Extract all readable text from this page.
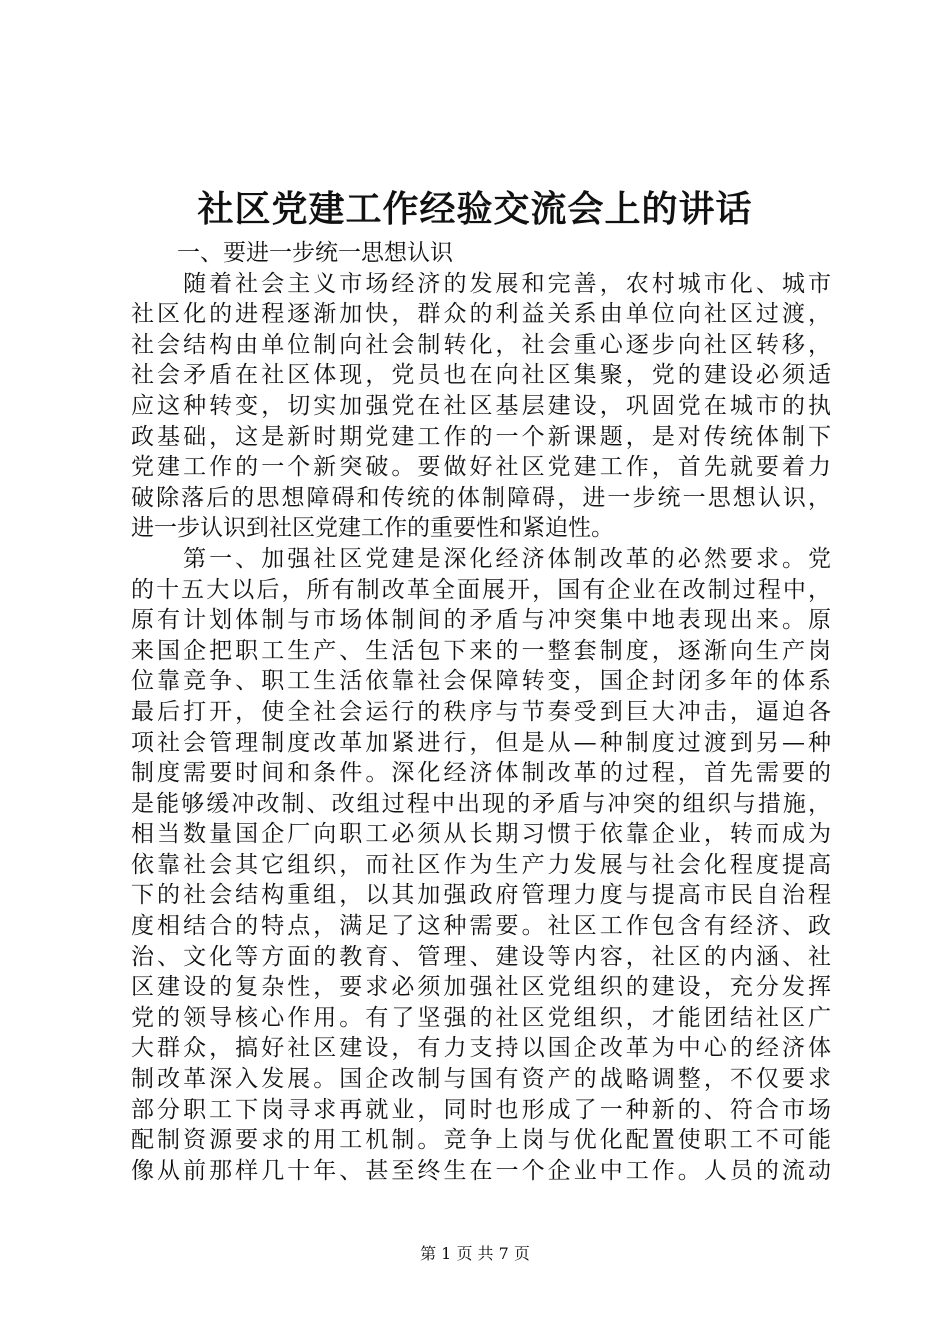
社区党建工作经验交流会上的讲话
　　一、要进一步统一思想认识
　　随着社会主义市场经济的发展和完善，农村城市化、城市
社区化的进程逐渐加快，群众的利益关系由单位向社区过渡，
社会结构由单位制向社会制转化，社会重心逐步向社区转移，
社会矛盾在社区体现，党员也在向社区集聚，党的建设必须适
应这种转变，切实加强党在社区基层建设，巩固党在城市的执
政基础，这是新时期党建工作的一个新课题，是对传统体制下
党建工作的一个新突破。要做好社区党建工作，首先就要着力
破除落后的思想障碍和传统的体制障碍，进一步统一思想认识，
进一步认识到社区党建工作的重要性和紧迫性。
　　第一、加强社区党建是深化经济体制改革的必然要求。党
的十五大以后，所有制改革全面展开，国有企业在改制过程中，
原有计划体制与市场体制间的矛盾与冲突集中地表现出来。原
来国企把职工生产、生活包下来的一整套制度，逐渐向生产岗
位靠竞争、职工生活依靠社会保障转变，国企封闭多年的体系
最后打开，使全社会运行的秩序与节奏受到巨大冲击，逼迫各
项社会管理制度改革加紧进行，但是从—种制度过渡到另—种
制度需要时间和条件。深化经济体制改革的过程，首先需要的
是能够缓冲改制、改组过程中出现的矛盾与冲突的组织与措施，
相当数量国企厂向职工必须从长期习惯于依靠企业，转而成为
依靠社会其它组织，而社区作为生产力发展与社会化程度提高
下的社会结构重组，以其加强政府管理力度与提高市民自治程
度相结合的特点，满足了这种需要。社区工作包含有经济、政
治、文化等方面的教育、管理、建设等内容，社区的内涵、社
区建设的复杂性，要求必须加强社区党组织的建设，充分发挥
党的领导核心作用。有了坚强的社区党组织，才能团结社区广
大群众，搞好社区建设，有力支持以国企改革为中心的经济体
制改革深入发展。国企改制与国有资产的战略调整，不仅要求
部分职工下岗寻求再就业，同时也形成了一种新的、符合市场
配制资源要求的用工机制。竞争上岗与优化配置使职工不可能
像从前那样几十年、甚至终生在一个企业中工作。人员的流动
第 1 页 共 7 页
